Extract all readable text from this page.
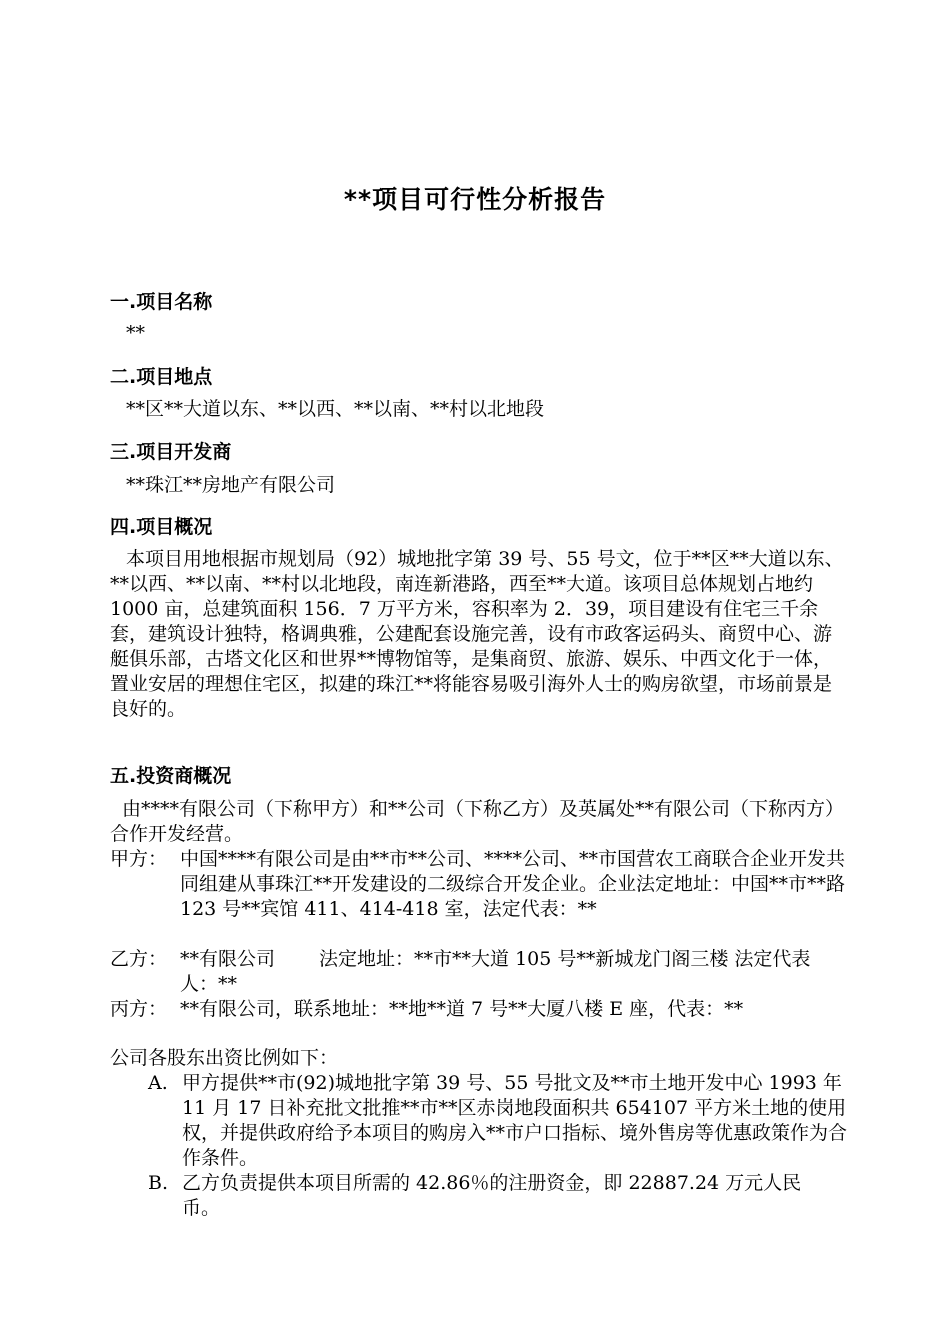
**项目可行性分析报告
一.项目名称
**
二.项目地点
**区**大道以东、**以西、**以南、**村以北地段
三.项目开发商
**珠江**房地产有限公司
四.项目概况
本项目用地根据市规划局（92）城地批字第 39 号、55 号文，位于**区**大道以东、**以西、**以南、**村以北地段，南连新港路，西至**大道。该项目总体规划占地约 1000 亩，总建筑面积 156．7 万平方米，容积率为 2．39，项目建设有住宅三千余套，建筑设计独特，格调典雅，公建配套设施完善，设有市政客运码头、商贸中心、游艇俱乐部，古塔文化区和世界**博物馆等，是集商贸、旅游、娱乐、中西文化于一体，置业安居的理想住宅区，拟建的珠江**将能容易吸引海外人士的购房欲望，市场前景是良好的。
五.投资商概况
由****有限公司（下称甲方）和**公司（下称乙方）及英属处**有限公司（下称丙方）合作开发经营。
甲方： 中国****有限公司是由**市**公司、****公司、**市国营农工商联合企业开发共同组建从事珠江**开发建设的二级综合开发企业。企业法定地址：中国**市**路 123 号**宾馆 411、414-418 室，法定代表：**
乙方： **有限公司 　　法定地址：**市**大道 105 号**新城龙门阁三楼 法定代表人：**
丙方： **有限公司，联系地址：**地**道 7 号**大厦八楼 E 座，代表：**
公司各股东出资比例如下：
A. 甲方提供**市(92)城地批字第 39 号、55 号批文及**市土地开发中心 1993 年 11 月 17 日补充批文批推**市**区赤岗地段面积共 654107 平方米土地的使用权，并提供政府给予本项目的购房入**市户口指标、境外售房等优惠政策作为合作条件。
B. 乙方负责提供本项目所需的 42.86％的注册资金，即 22887.24 万元人民币。
